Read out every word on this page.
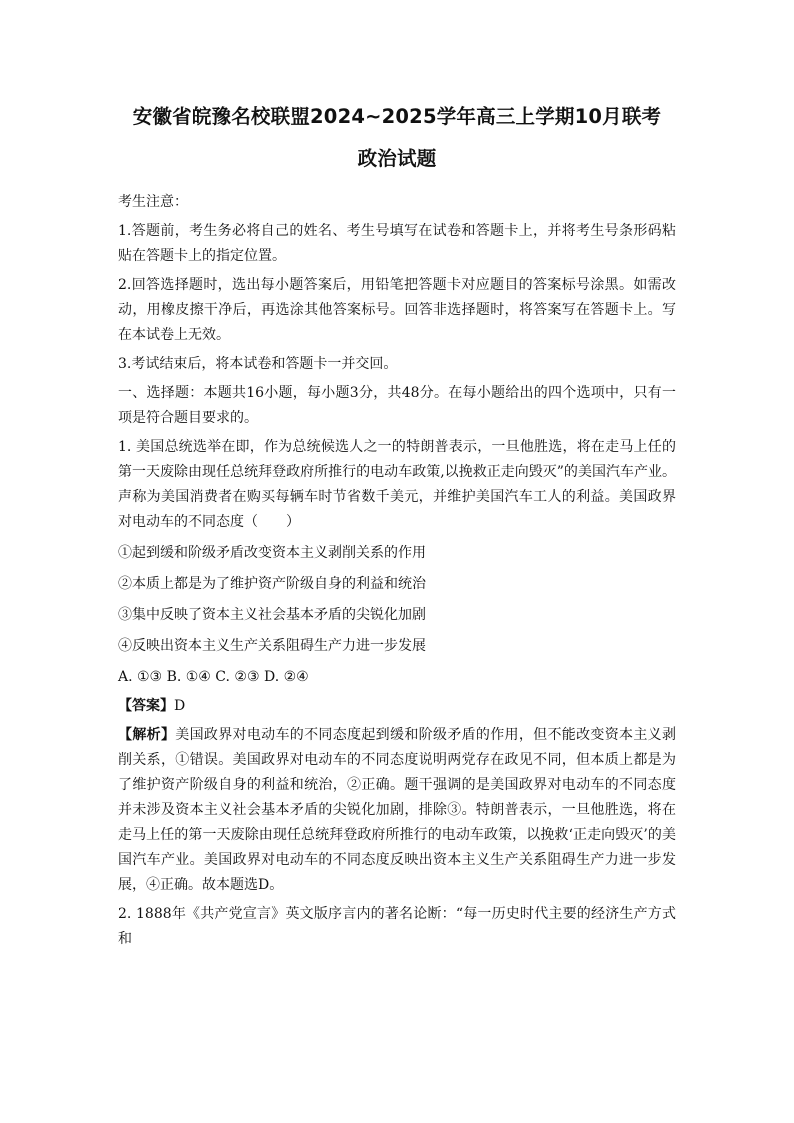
安徽省皖豫名校联盟2024~2025学年高三上学期10月联考
政治试题

考生注意：

1.答题前，考生务必将自己的姓名、考生号填写在试卷和答题卡上，并将考生号条形码粘贴在答题卡上的指定位置。

2.回答选择题时，选出每小题答案后，用铅笔把答题卡对应题目的答案标号涂黑。如需改动，用橡皮擦干净后，再选涂其他答案标号。回答非选择题时，将答案写在答题卡上。写在本试卷上无效。

3.考试结束后，将本试卷和答题卡一并交回。

一、选择题：本题共16小题，每小题3分，共48分。在每小题给出的四个选项中，只有一项是符合题目要求的。

1. 美国总统选举在即，作为总统候选人之一的特朗普表示，一旦他胜选，将在走马上任的第一天废除由现任总统拜登政府所推行的电动车政策,以挽救正走向毁灭”的美国汽车产业。声称为美国消费者在购买每辆车时节省数千美元，并维护美国汽车工人的利益。美国政界对电动车的不同态度（　　）

①起到缓和阶级矛盾改变资本主义剥削关系的作用

②本质上都是为了维护资产阶级自身的利益和统治

③集中反映了资本主义社会基本矛盾的尖锐化加剧

④反映出资本主义生产关系阻碍生产力进一步发展

A. ①③ B. ①④ C. ②③ D. ②④

【答案】D

【解析】美国政界对电动车的不同态度起到缓和阶级矛盾的作用，但不能改变资本主义剥削关系，①错误。美国政界对电动车的不同态度说明两党存在政见不同，但本质上都是为了维护资产阶级自身的利益和统治，②正确。题干强调的是美国政界对电动车的不同态度并未涉及资本主义社会基本矛盾的尖锐化加剧，排除③。特朗普表示，一旦他胜选，将在走马上任的第一天废除由现任总统拜登政府所推行的电动车政策，以挽救‘正走向毁灭’的美国汽车产业。美国政界对电动车的不同态度反映出资本主义生产关系阻碍生产力进一步发展，④正确。故本题选D。

2. 1888年《共产党宣言》英文版序言内的著名论断：“每一历史时代主要的经济生产方式和
